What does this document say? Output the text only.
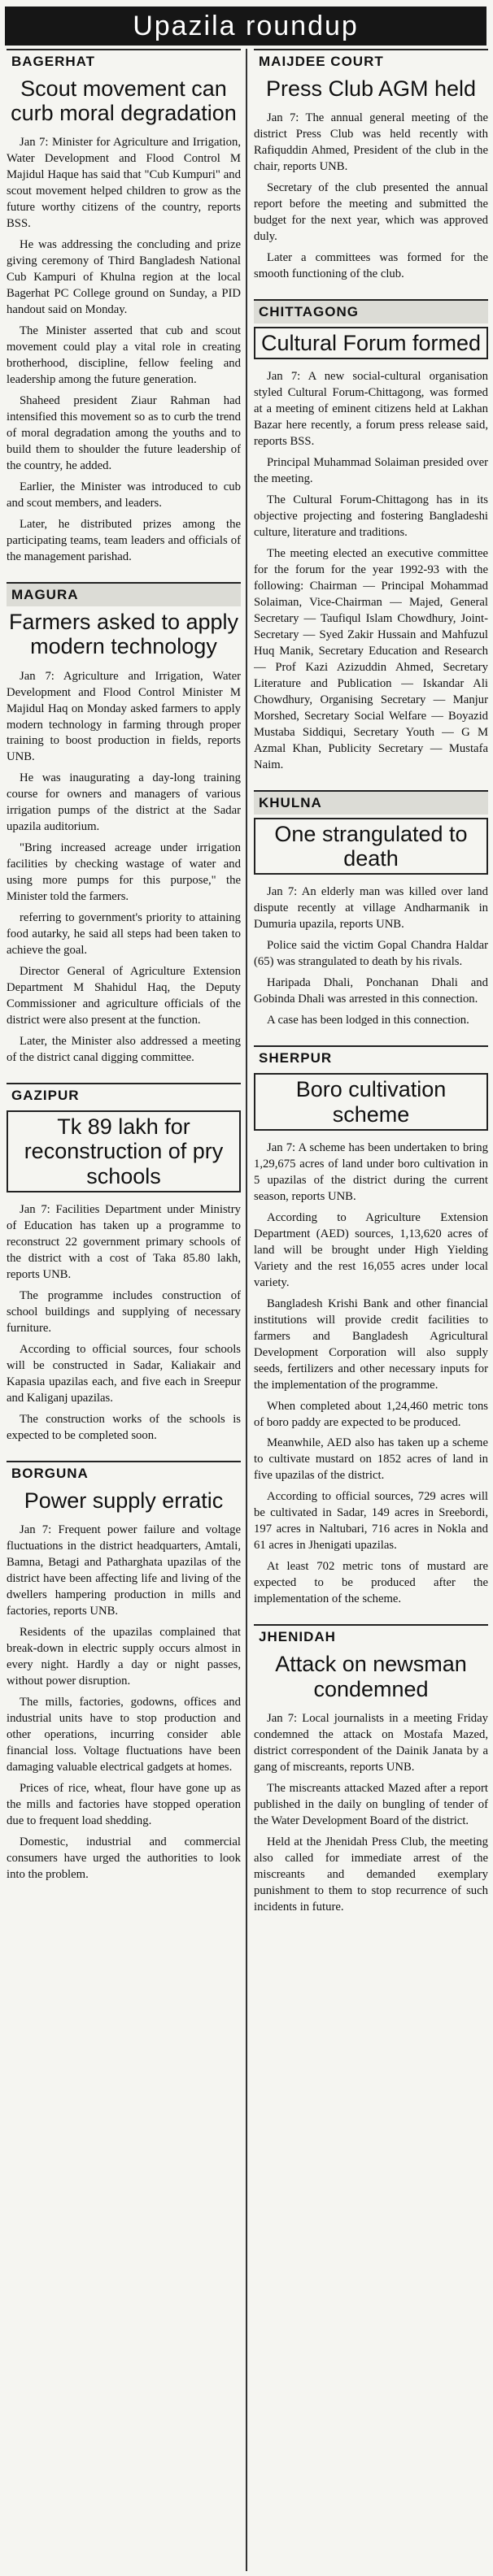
Upazila roundup
BAGERHAT
Scout movement can curb moral degradation

Jan 7: Minister for Agriculture and Irrigation, Water Development and Flood Control M Majidul Haque has said that "Cub Kumpuri" and scout movement helped children to grow as the future worthy citizens of the country, reports BSS.

He was addressing the concluding and prize giving ceremony of Third Bangladesh National Cub Kampuri of Khulna region at the local Bagerhat PC College ground on Sunday, a PID handout said on Monday.

The Minister asserted that cub and scout movement could play a vital role in creating brotherhood, discipline, fellow feeling and leadership among the future generation.

Shaheed president Ziaur Rahman had intensified this movement so as to curb the trend of moral degradation among the youths and to build them to shoulder the future leadership of the country, he added.

Earlier, the Minister was introduced to cub and scout members, and leaders.

Later, he distributed prizes among the participating teams, team leaders and officials of the management parishad.

MAGURA
Farmers asked to apply modern technology

Jan 7: Agriculture and Irrigation, Water Development and Flood Control Minister M Majidul Haq on Monday asked farmers to apply modern technology in farming through proper training to boost production in fields, reports UNB.

He was inaugurating a day-long training course for owners and managers of various irrigation pumps of the district at the Sadar upazila auditorium.

"Bring increased acreage under irrigation facilities by checking wastage of water and using more pumps for this purpose," the Minister told the farmers.

referring to government's priority to attaining food autarky, he said all steps had been taken to achieve the goal.

Director General of Agriculture Extension Department M Shahidul Haq, the Deputy Commissioner and agriculture officials of the district were also present at the function.

Later, the Minister also addressed a meeting of the district canal digging committee.

GAZIPUR
Tk 89 lakh for reconstruction of pry schools

Jan 7: Facilities Department under Ministry of Education has taken up a programme to reconstruct 22 government primary schools of the district with a cost of Taka 85.80 lakh, reports UNB.

The programme includes construction of school buildings and supplying of necessary furniture.

According to official sources, four schools will be constructed in Sadar, Kaliakair and Kapasia upazilas each, and five each in Sreepur and Kaliganj upazilas.

The construction works of the schools is expected to be completed soon.

BORGUNA
Power supply erratic

Jan 7: Frequent power failure and voltage fluctuations in the district headquarters, Amtali, Bamna, Betagi and Patharghata upazilas of the district have been affecting life and living of the dwellers hampering production in mills and factories, reports UNB.

Residents of the upazilas complained that break-down in electric supply occurs almost in every night. Hardly a day or night passes, without power disruption.

The mills, factories, godowns, offices and industrial units have to stop production and other operations, incurring consider able financial loss. Voltage fluctuations have been damaging valuable electrical gadgets at homes.

Prices of rice, wheat, flour have gone up as the mills and factories have stopped operation due to frequent load shedding.

Domestic, industrial and commercial consumers have urged the authorities to look into the problem.

MAIJDEE COURT
Press Club AGM held

Jan 7: The annual general meeting of the district Press Club was held recently with Rafiquddin Ahmed, President of the club in the chair, reports UNB.

Secretary of the club presented the annual report before the meeting and submitted the budget for the next year, which was approved duly.

Later a committees was formed for the smooth functioning of the club.

CHITTAGONG
Cultural Forum formed

Jan 7: A new social-cultural organisation styled Cultural Forum-Chittagong, was formed at a meeting of eminent citizens held at Lakhan Bazar here recently, a forum press release said, reports BSS.

Principal Muhammad Solaiman presided over the meeting.

The Cultural Forum-Chittagong has in its objective projecting and fostering Bangladeshi culture, literature and traditions.

The meeting elected an executive committee for the forum for the year 1992-93 with the following: Chairman — Principal Mohammad Solaiman, Vice-Chairman — Majed, General Secretary — Taufiqul Islam Chowdhury, Joint-Secretary — Syed Zakir Hussain and Mahfuzul Huq Manik, Secretary Education and Research — Prof Kazi Azizuddin Ahmed, Secretary Literature and Publication — Iskandar Ali Chowdhury, Organising Secretary — Manjur Morshed, Secretary Social Welfare — Boyazid Mustaba Siddiqui, Secretary Youth — G M Azmal Khan, Publicity Secretary — Mustafa Naim.

KHULNA
One strangulated to death

Jan 7: An elderly man was killed over land dispute recently at village Andharmanik in Dumuria upazila, reports UNB.

Police said the victim Gopal Chandra Haldar (65) was strangulated to death by his rivals.

Haripada Dhali, Ponchanan Dhali and Gobinda Dhali was arrested in this connection.

A case has been lodged in this connection.

SHERPUR
Boro cultivation scheme

Jan 7: A scheme has been undertaken to bring 1,29,675 acres of land under boro cultivation in 5 upazilas of the district during the current season, reports UNB.

According to Agriculture Extension Department (AED) sources, 1,13,620 acres of land will be brought under High Yielding Variety and the rest 16,055 acres under local variety.

Bangladesh Krishi Bank and other financial institutions will provide credit facilities to farmers and Bangladesh Agricultural Development Corporation will also supply seeds, fertilizers and other necessary inputs for the implementation of the programme.

When completed about 1,24,460 metric tons of boro paddy are expected to be produced.

Meanwhile, AED also has taken up a scheme to cultivate mustard on 1852 acres of land in five upazilas of the district.

According to official sources, 729 acres will be cultivated in Sadar, 149 acres in Sreebordi, 197 acres in Naltubari, 716 acres in Nokla and 61 acres in Jhenigati upazilas.

At least 702 metric tons of mustard are expected to be produced after the implementation of the scheme.

JHENIDAH
Attack on newsman condemned

Jan 7: Local journalists in a meeting Friday condemned the attack on Mostafa Mazed, district correspondent of the Dainik Janata by a gang of miscreants, reports UNB.

The miscreants attacked Mazed after a report published in the daily on bungling of tender of the Water Development Board of the district.

Held at the Jhenidah Press Club, the meeting also called for immediate arrest of the miscreants and demanded exemplary punishment to them to stop recurrence of such incidents in future.
